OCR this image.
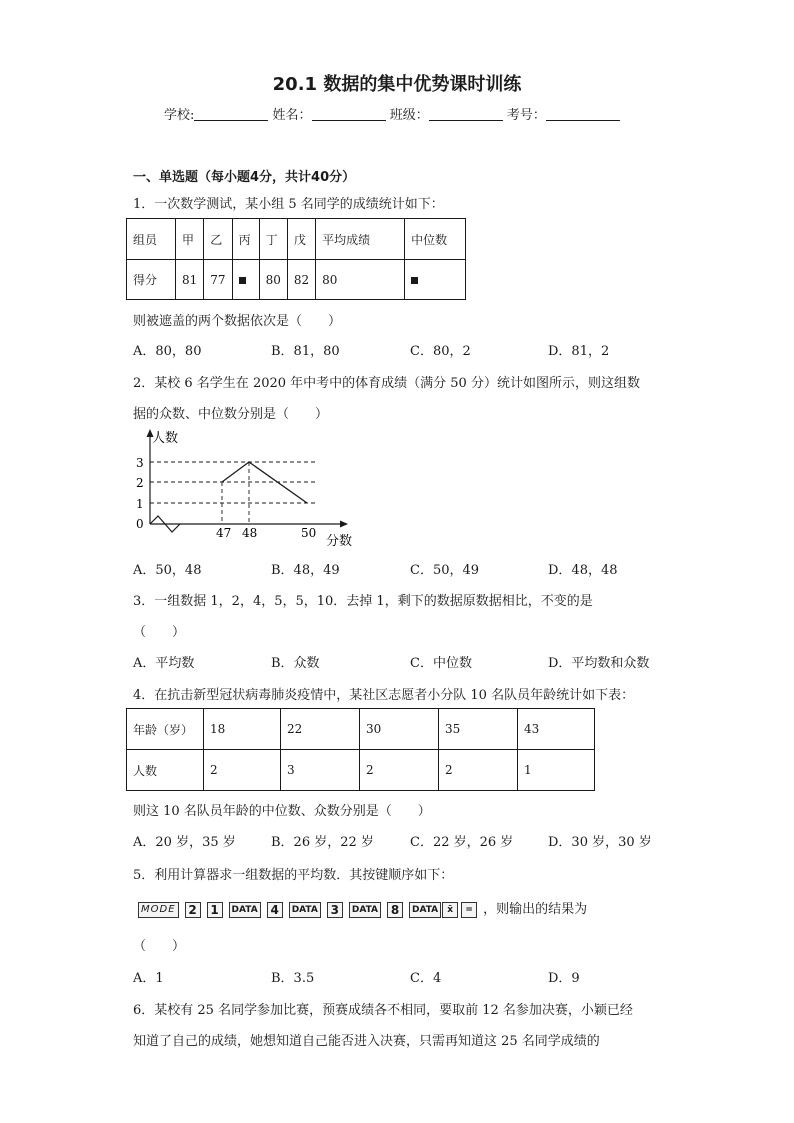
20.1 数据的集中优势课时训练
学校:	姓名：	班级：	考号：
一、单选题（每小题4分，共计40分）
1．一次数学测试，某小组 5 名同学的成绩统计如下：
组员	甲	乙	丙	丁	戊	平均成绩	中位数
得分	81	77		80	82	80	
则被遮盖的两个数据依次是（　　）
A．80，80	B．81，80	C．80，2	D．81，2
2．某校 6 名学生在 2020 年中考中的体育成绩（满分 50 分）统计如图所示，则这组数
据的众数、中位数分别是（　　）
人数
3
2
1
0
47 48	50
分数
A．50，48	B．48，49	C．50，49	D．48，48
3．一组数据 1，2，4，5，5，10．去掉 1，剩下的数据原数据相比，不变的是
（　　）
A．平均数	B．众数	C．中位数	D．平均数和众数
4．在抗击新型冠状病毒肺炎疫情中，某社区志愿者小分队 10 名队员年龄统计如下表：
年龄（岁）	18	22	30	35	43
人数	2	3	2	2	1
则这 10 名队员年龄的中位数、众数分别是（　　）
A．20 岁，35 岁	B．26 岁，22 岁	C．22 岁，26 岁	D．30 岁，30 岁
5．利用计算器求一组数据的平均数．其按键顺序如下：
MODE 2 1 DATA 4 DATA 3 DATA 8 DATA x̄ = ，则输出的结果为
（　　）
A．1	B．3.5	C．4	D．9
6．某校有 25 名同学参加比赛，预赛成绩各不相同，要取前 12 名参加决赛，小颖已经
知道了自己的成绩，她想知道自己能否进入决赛，只需再知道这 25 名同学成绩的
